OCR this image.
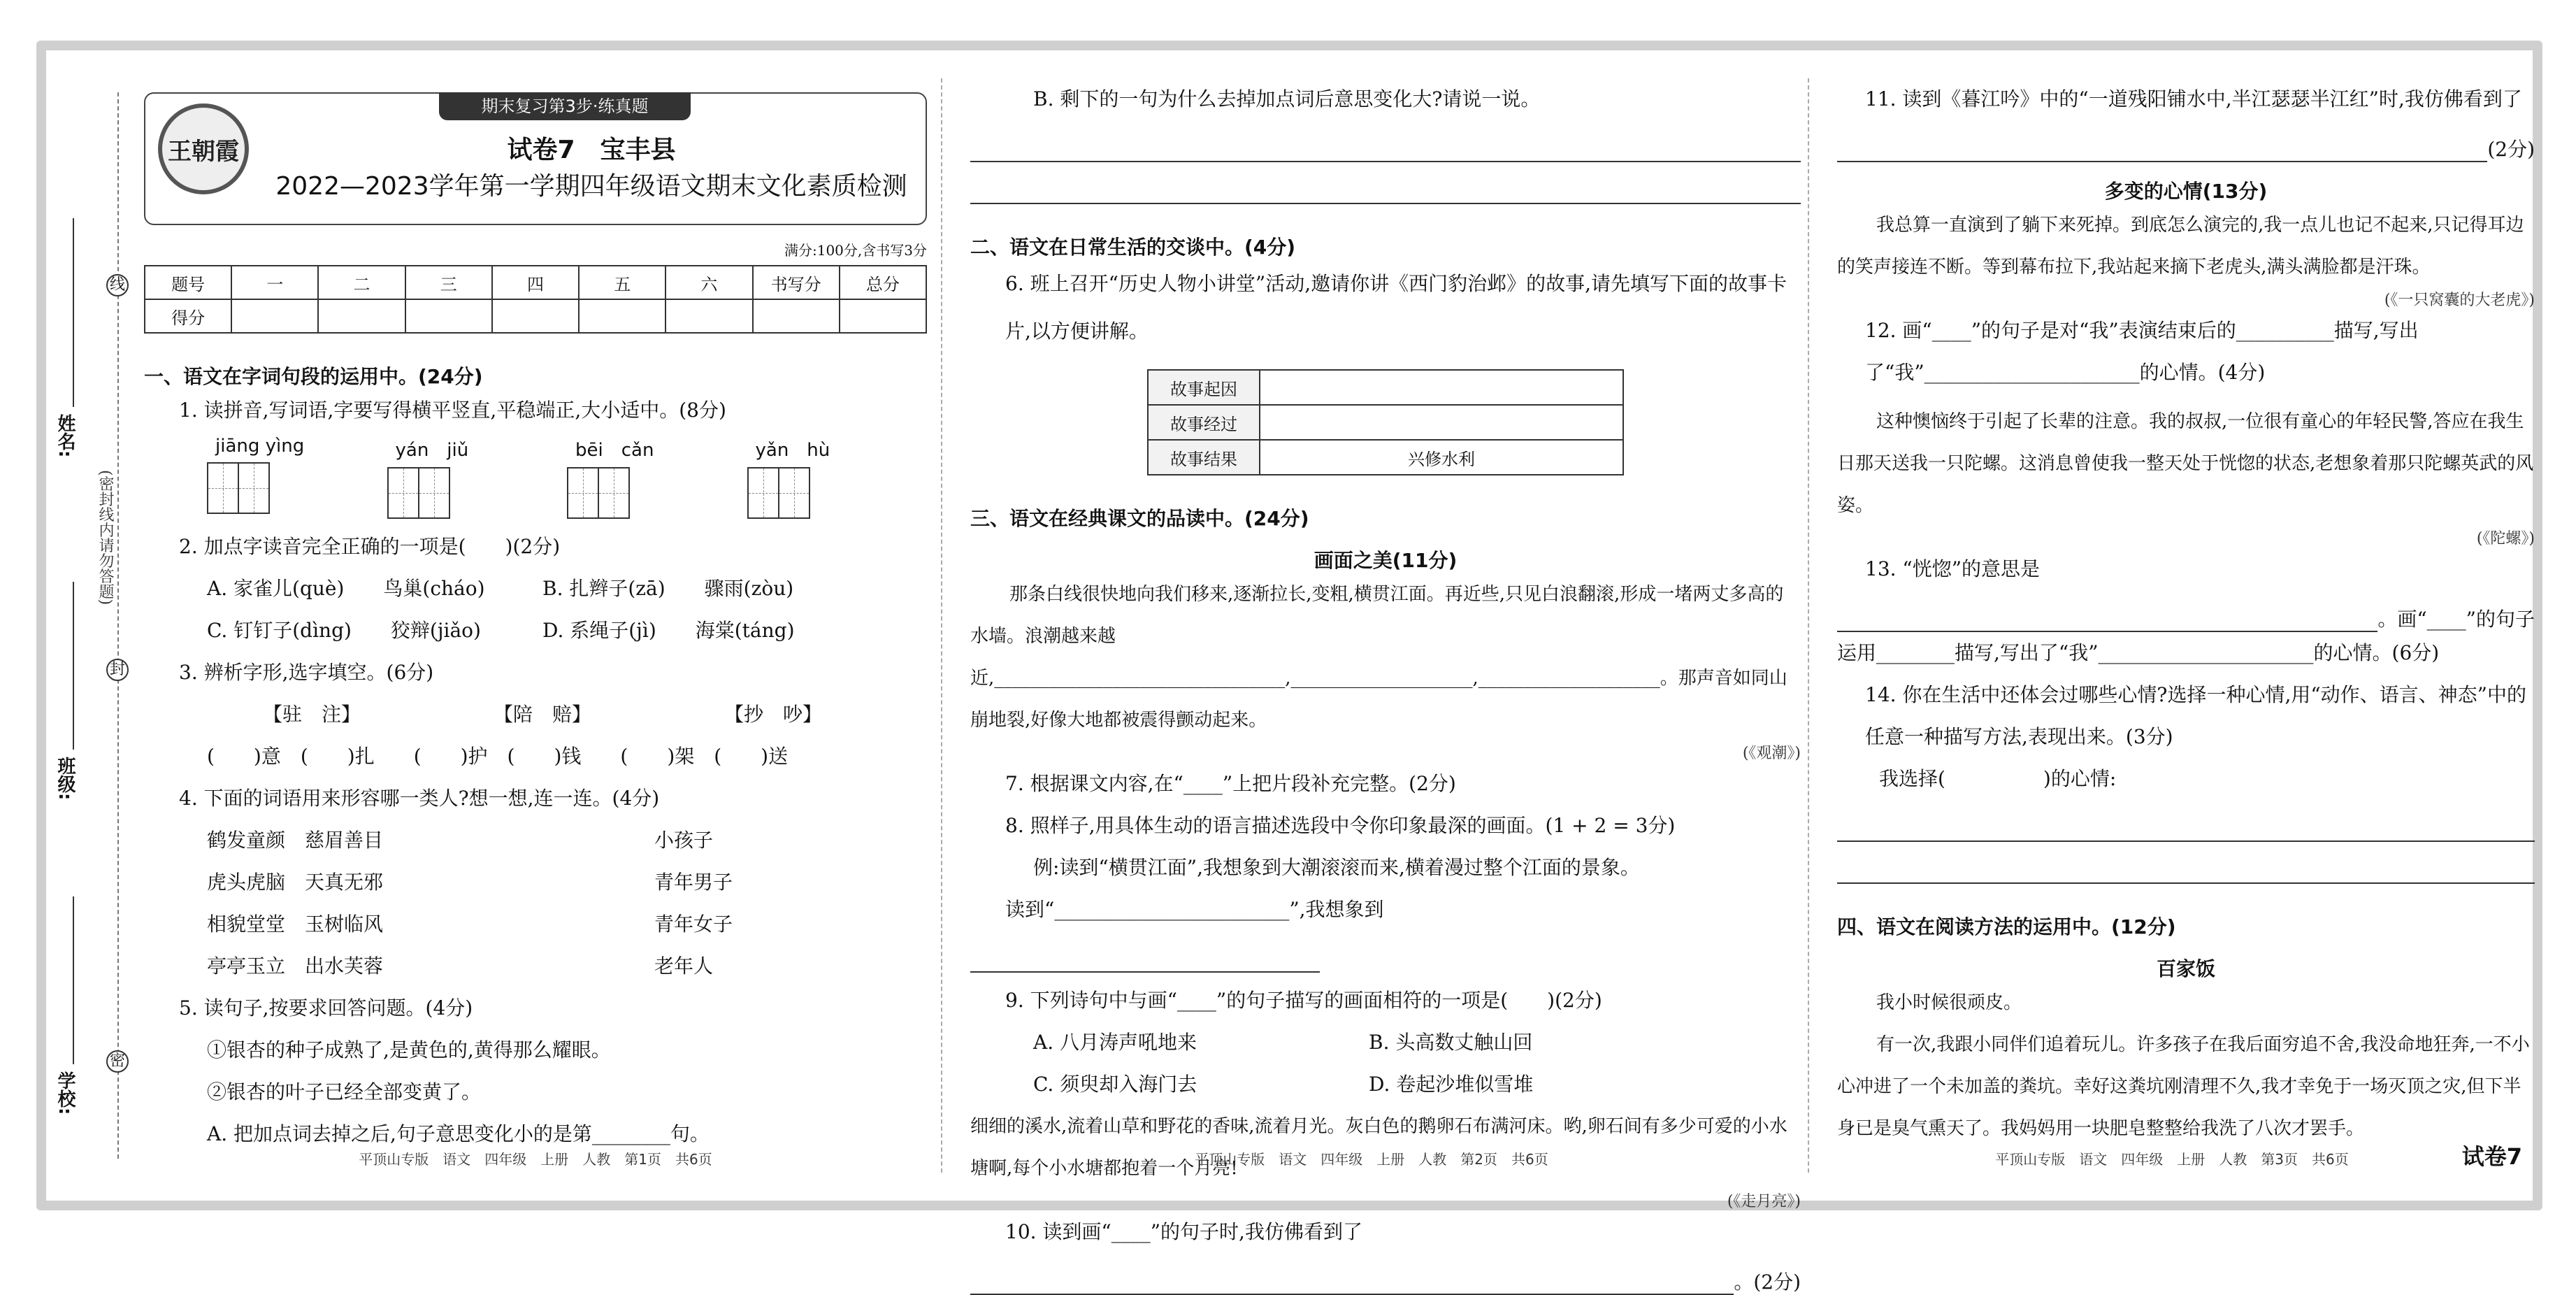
线
封
密
(密封线内请勿答题)
姓名:
班级:
学校:
王朝霞
期末复习第3步·练真题
试卷7　宝丰县
2022—2023学年第一学期四年级语文期末文化素质检测
满分:100分,含书写3分
题号	一	二	三	四	五	六	书写分	总分
得分								
一、语文在字词句段的运用中。(24分)
1. 读拼音,写词语,字要写得横平竖直,平稳端正,大小适中。(8分)
jiāng yìng	yán　jiǔ	bēi　cǎn	yǎn　hù
2. 加点字读音完全正确的一项是(　　)(2分)
A. 家雀儿(què)　　鸟巢(cháo)	B. 扎辫子(zā)　　骤雨(zòu)
C. 钉钉子(dìng)　　狡辩(jiǎo)	D. 系绳子(jì)　　海棠(táng)
3. 辨析字形,选字填空。(6分)
【驻　注】	【陪　赔】	【抄　吵】
(　　)意　(　　)扎　　(　　)护　(　　)钱　　(　　)架　(　　)送
4. 下面的词语用来形容哪一类人?想一想,连一连。(4分)
鹤发童颜　慈眉善目	小孩子
虎头虎脑　天真无邪	青年男子
相貌堂堂　玉树临风	青年女子
亭亭玉立　出水芙蓉	老年人
5. 读句子,按要求回答问题。(4分)
①银杏的种子成熟了,是黄色的,黄得那么耀眼。
②银杏的叶子已经全部变黄了。
A. 把加点词去掉之后,句子意思变化小的是第________句。
平顶山专版　语文　四年级　上册　人教　第1页　共6页
B. 剩下的一句为什么去掉加点词后意思变化大?请说一说。
二、语文在日常生活的交谈中。(4分)
6. 班上召开“历史人物小讲堂”活动,邀请你讲《西门豹治邺》的故事,请先填写下面的故事卡片,以方便讲解。
故事起因	
故事经过	
故事结果	兴修水利
三、语文在经典课文的品读中。(24分)
画面之美(11分)
那条白线很快地向我们移来,逐渐拉长,变粗,横贯江面。再近些,只见白浪翻滚,形成一堵两丈多高的水墙。浪潮越来越近,________________________________,____________________,____________________。那声音如同山崩地裂,好像大地都被震得颤动起来。
(《观潮》)
7. 根据课文内容,在“____”上把片段补充完整。(2分)
8. 照样子,用具体生动的语言描述选段中令你印象最深的画面。(1 + 2 = 3分)
例:读到“横贯江面”,我想象到大潮滚滚而来,横着漫过整个江面的景象。
读到“________________________”,我想象到
9. 下列诗句中与画“____”的句子描写的画面相符的一项是(　　)(2分)
A. 八月涛声吼地来	B. 头高数丈触山回
C. 须臾却入海门去	D. 卷起沙堆似雪堆
细细的溪水,流着山草和野花的香味,流着月光。灰白色的鹅卵石布满河床。哟,卵石间有多少可爱的小水塘啊,每个小水塘都抱着一个月亮!
(《走月亮》)
10. 读到画“____”的句子时,我仿佛看到了
。(2分)
平顶山专版　语文　四年级　上册　人教　第2页　共6页
11. 读到《暮江吟》中的“一道残阳铺水中,半江瑟瑟半江红”时,我仿佛看到了
(2分)
多变的心情(13分)
我总算一直演到了躺下来死掉。到底怎么演完的,我一点儿也记不起来,只记得耳边的笑声接连不断。等到幕布拉下,我站起来摘下老虎头,满头满脸都是汗珠。
(《一只窝囊的大老虎》)
12. 画“____”的句子是对“我”表演结束后的__________描写,写出了“我”______________________的心情。(4分)
这种懊恼终于引起了长辈的注意。我的叔叔,一位很有童心的年轻民警,答应在我生日那天送我一只陀螺。这消息曾使我一整天处于恍惚的状态,老想象着那只陀螺英武的风姿。
(《陀螺》)
13. “恍惚”的意思是
。画“____”的句子
运用________描写,写出了“我”______________________的心情。(6分)
14. 你在生活中还体会过哪些心情?选择一种心情,用“动作、语言、神态”中的任意一种描写方法,表现出来。(3分)
我选择(　　　　　)的心情:
四、语文在阅读方法的运用中。(12分)
百家饭
我小时候很顽皮。
有一次,我跟小同伴们追着玩儿。许多孩子在我后面穷追不舍,我没命地狂奔,一不小心冲进了一个未加盖的粪坑。幸好这粪坑刚清理不久,我才幸免于一场灭顶之灾,但下半身已是臭气熏天了。我妈妈用一块肥皂整整给我洗了八次才罢手。
平顶山专版　语文　四年级　上册　人教　第3页　共6页	试卷7
